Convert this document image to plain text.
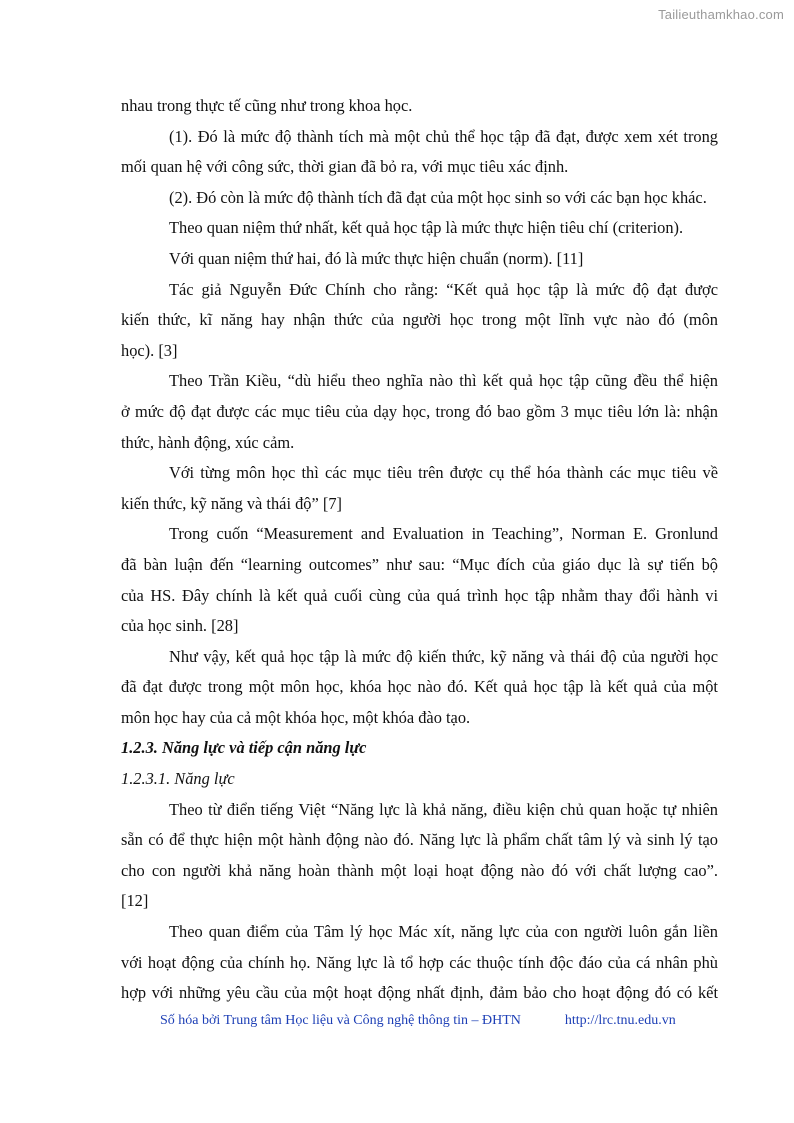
Tailieuthamkhao.com
nhau trong thực tế cũng như trong khoa học.
(1). Đó là mức độ thành tích mà một chủ thể học tập đã đạt, được xem xét trong
mối quan hệ với công sức, thời gian đã bỏ ra, với mục tiêu xác định.
(2). Đó còn là mức độ thành tích đã đạt của một học sinh so với các bạn học khác.
Theo quan niệm thứ nhất, kết quả học tập là mức thực hiện tiêu chí (criterion).
Với quan niệm thứ hai, đó là mức thực hiện chuẩn (norm). [11]
Tác giả Nguyễn Đức Chính cho rằng: “Kết quả học tập là mức độ đạt được
kiến thức, kĩ năng hay nhận thức của người học trong một lĩnh vực nào đó (môn
học). [3]
Theo Trần Kiều, “dù hiểu theo nghĩa nào thì kết quả học tập cũng đều thể hiện
ở mức độ đạt được các mục tiêu của dạy học, trong đó bao gồm 3 mục tiêu lớn là: nhận
thức, hành động, xúc cảm.
Với từng môn học thì các mục tiêu trên được cụ thể hóa thành các mục tiêu về
kiến thức, kỹ năng và thái độ” [7]
Trong cuốn “Measurement and Evaluation in Teaching”, Norman E. Gronlund
đã bàn luận đến “learning outcomes” như sau: “Mục đích của giáo dục là sự tiến bộ
của HS. Đây chính là kết quả cuối cùng của quá trình học tập nhằm thay đổi hành vi
của học sinh. [28]
Như vậy, kết quả học tập là mức độ kiến thức, kỹ năng và thái độ của người học
đã đạt được trong một môn học, khóa học nào đó. Kết quả học tập là kết quả của một
môn học hay của cả một khóa học, một khóa đào tạo.
1.2.3. Năng lực và tiếp cận năng lực
1.2.3.1. Năng lực
Theo từ điển tiếng Việt “Năng lực là khả năng, điều kiện chủ quan hoặc tự nhiên
sẵn có để thực hiện một hành động nào đó. Năng lực là phẩm chất tâm lý và sinh lý tạo
cho con người khả năng hoàn thành một loại hoạt động nào đó với chất lượng cao”.
[12]
Theo quan điểm của Tâm lý học Mác xít, năng lực của con người luôn gắn liền
với hoạt động của chính họ. Năng lực là tổ hợp các thuộc tính độc đáo của cá nhân phù
hợp với những yêu cầu của một hoạt động nhất định, đảm bảo cho hoạt động đó có kết
Số hóa bởi Trung tâm Học liệu và Công nghệ thông tin – ĐHTN	http://lrc.tnu.edu.vn
